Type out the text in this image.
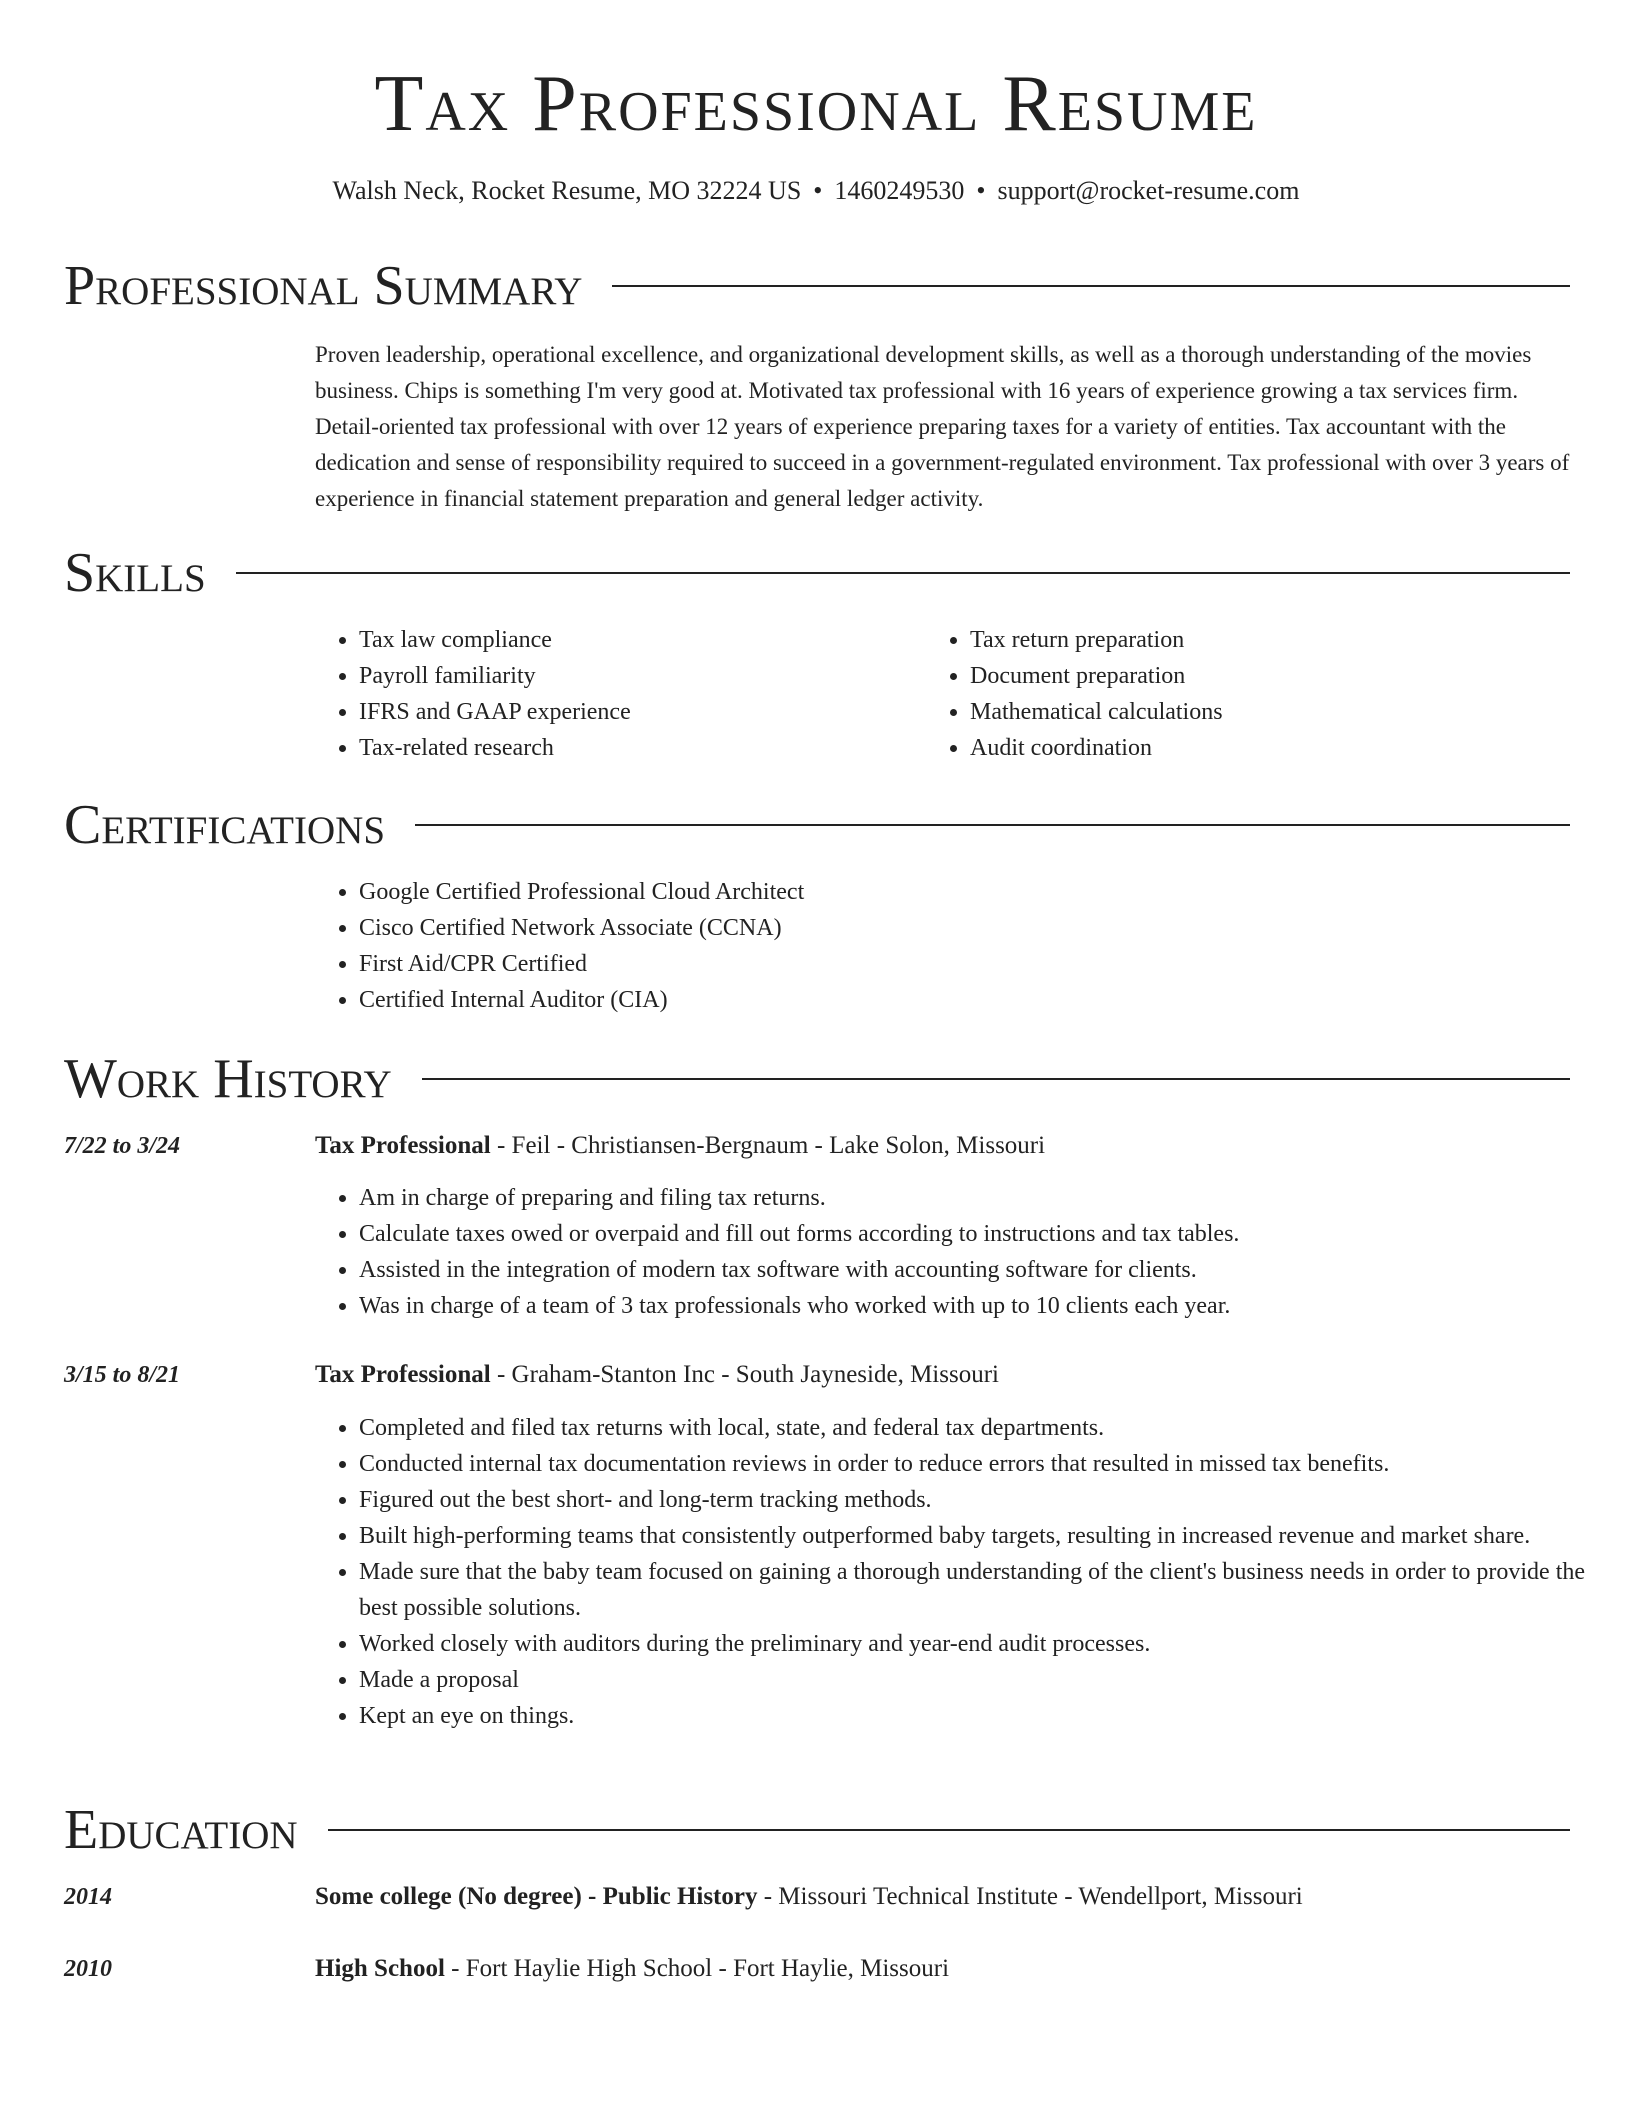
Tax Professional Resume
Walsh Neck, Rocket Resume, MO 32224 US • 1460249530 • support@rocket-resume.com
Professional Summary

Proven leadership, operational excellence, and organizational development skills, as well as a thorough understanding of the movies business. Chips is something I'm very good at. Motivated tax professional with 16 years of experience growing a tax services firm. Detail-oriented tax professional with over 12 years of experience preparing taxes for a variety of entities. Tax accountant with the dedication and sense of responsibility required to succeed in a government-regulated environment. Tax professional with over 3 years of experience in financial statement preparation and general ledger activity.

Skills
• Tax law compliance
• Payroll familiarity
• IFRS and GAAP experience
• Tax-related research
• Tax return preparation
• Document preparation
• Mathematical calculations
• Audit coordination
Certifications
• Google Certified Professional Cloud Architect
• Cisco Certified Network Associate (CCNA)
• First Aid/CPR Certified
• Certified Internal Auditor (CIA)
Work History
7/22 to 3/24	Tax Professional - Feil - Christiansen-Bergnaum - Lake Solon, Missouri
• Am in charge of preparing and filing tax returns.
• Calculate taxes owed or overpaid and fill out forms according to instructions and tax tables.
• Assisted in the integration of modern tax software with accounting software for clients.
• Was in charge of a team of 3 tax professionals who worked with up to 10 clients each year.
3/15 to 8/21	Tax Professional - Graham-Stanton Inc - South Jayneside, Missouri
• Completed and filed tax returns with local, state, and federal tax departments.
• Conducted internal tax documentation reviews in order to reduce errors that resulted in missed tax benefits.
• Figured out the best short- and long-term tracking methods.
• Built high-performing teams that consistently outperformed baby targets, resulting in increased revenue and market share.
• Made sure that the baby team focused on gaining a thorough understanding of the client's business needs in order to provide the best possible solutions.
• Worked closely with auditors during the preliminary and year-end audit processes.
• Made a proposal
• Kept an eye on things.
Education
2014	Some college (No degree) - Public History - Missouri Technical Institute - Wendellport, Missouri
2010	High School - Fort Haylie High School - Fort Haylie, Missouri
